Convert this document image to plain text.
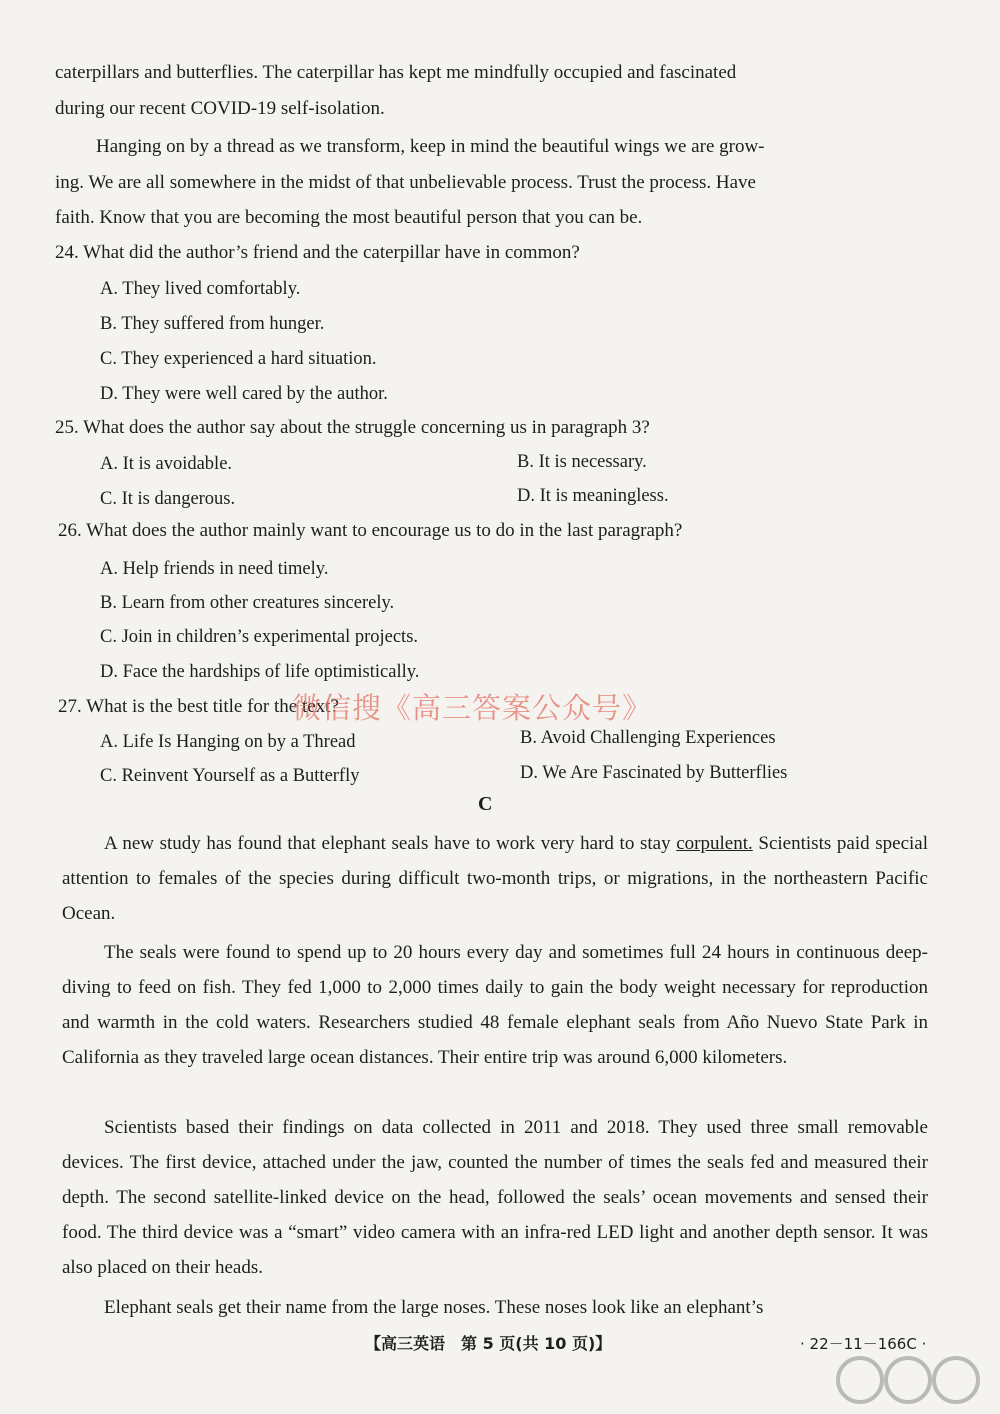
caterpillars and butterflies. The caterpillar has kept me mindfully occupied and fascinated
during our recent COVID-19 self-isolation.
Hanging on by a thread as we transform, keep in mind the beautiful wings we are grow-
ing. We are all somewhere in the midst of that unbelievable process. Trust the process. Have
faith. Know that you are becoming the most beautiful person that you can be.
24. What did the author’s friend and the caterpillar have in common?
A. They lived comfortably.
B. They suffered from hunger.
C. They experienced a hard situation.
D. They were well cared by the author.
25. What does the author say about the struggle concerning us in paragraph 3?
A. It is avoidable.	B. It is necessary.
C. It is dangerous.	D. It is meaningless.
26. What does the author mainly want to encourage us to do in the last paragraph?
A. Help friends in need timely.
B. Learn from other creatures sincerely.
C. Join in children’s experimental projects.
D. Face the hardships of life optimistically.
27. What is the best title for the text?
A. Life Is Hanging on by a Thread	B. Avoid Challenging Experiences
C. Reinvent Yourself as a Butterfly	D. We Are Fascinated by Butterflies
微信搜《高三答案公众号》
C
A new study has found that elephant seals have to work very hard to stay corpulent. Scientists paid special attention to females of the species during difficult two-month trips, or migrations, in the northeastern Pacific Ocean.
The seals were found to spend up to 20 hours every day and sometimes full 24 hours in continuous deep-diving to feed on fish. They fed 1,000 to 2,000 times daily to gain the body weight necessary for reproduction and warmth in the cold waters. Researchers studied 48 female elephant seals from Año Nuevo State Park in California as they traveled large ocean distances. Their entire trip was around 6,000 kilometers.
Scientists based their findings on data collected in 2011 and 2018. They used three small removable devices. The first device, attached under the jaw, counted the number of times the seals fed and measured their depth. The second satellite-linked device on the head, followed the seals’ ocean movements and sensed their food. The third device was a “smart” video camera with an infra-red LED light and another depth sensor. It was also placed on their heads.
Elephant seals get their name from the large noses. These noses look like an elephant’s
【高三英语　第 5 页(共 10 页)】	· 22－11－166C ·
